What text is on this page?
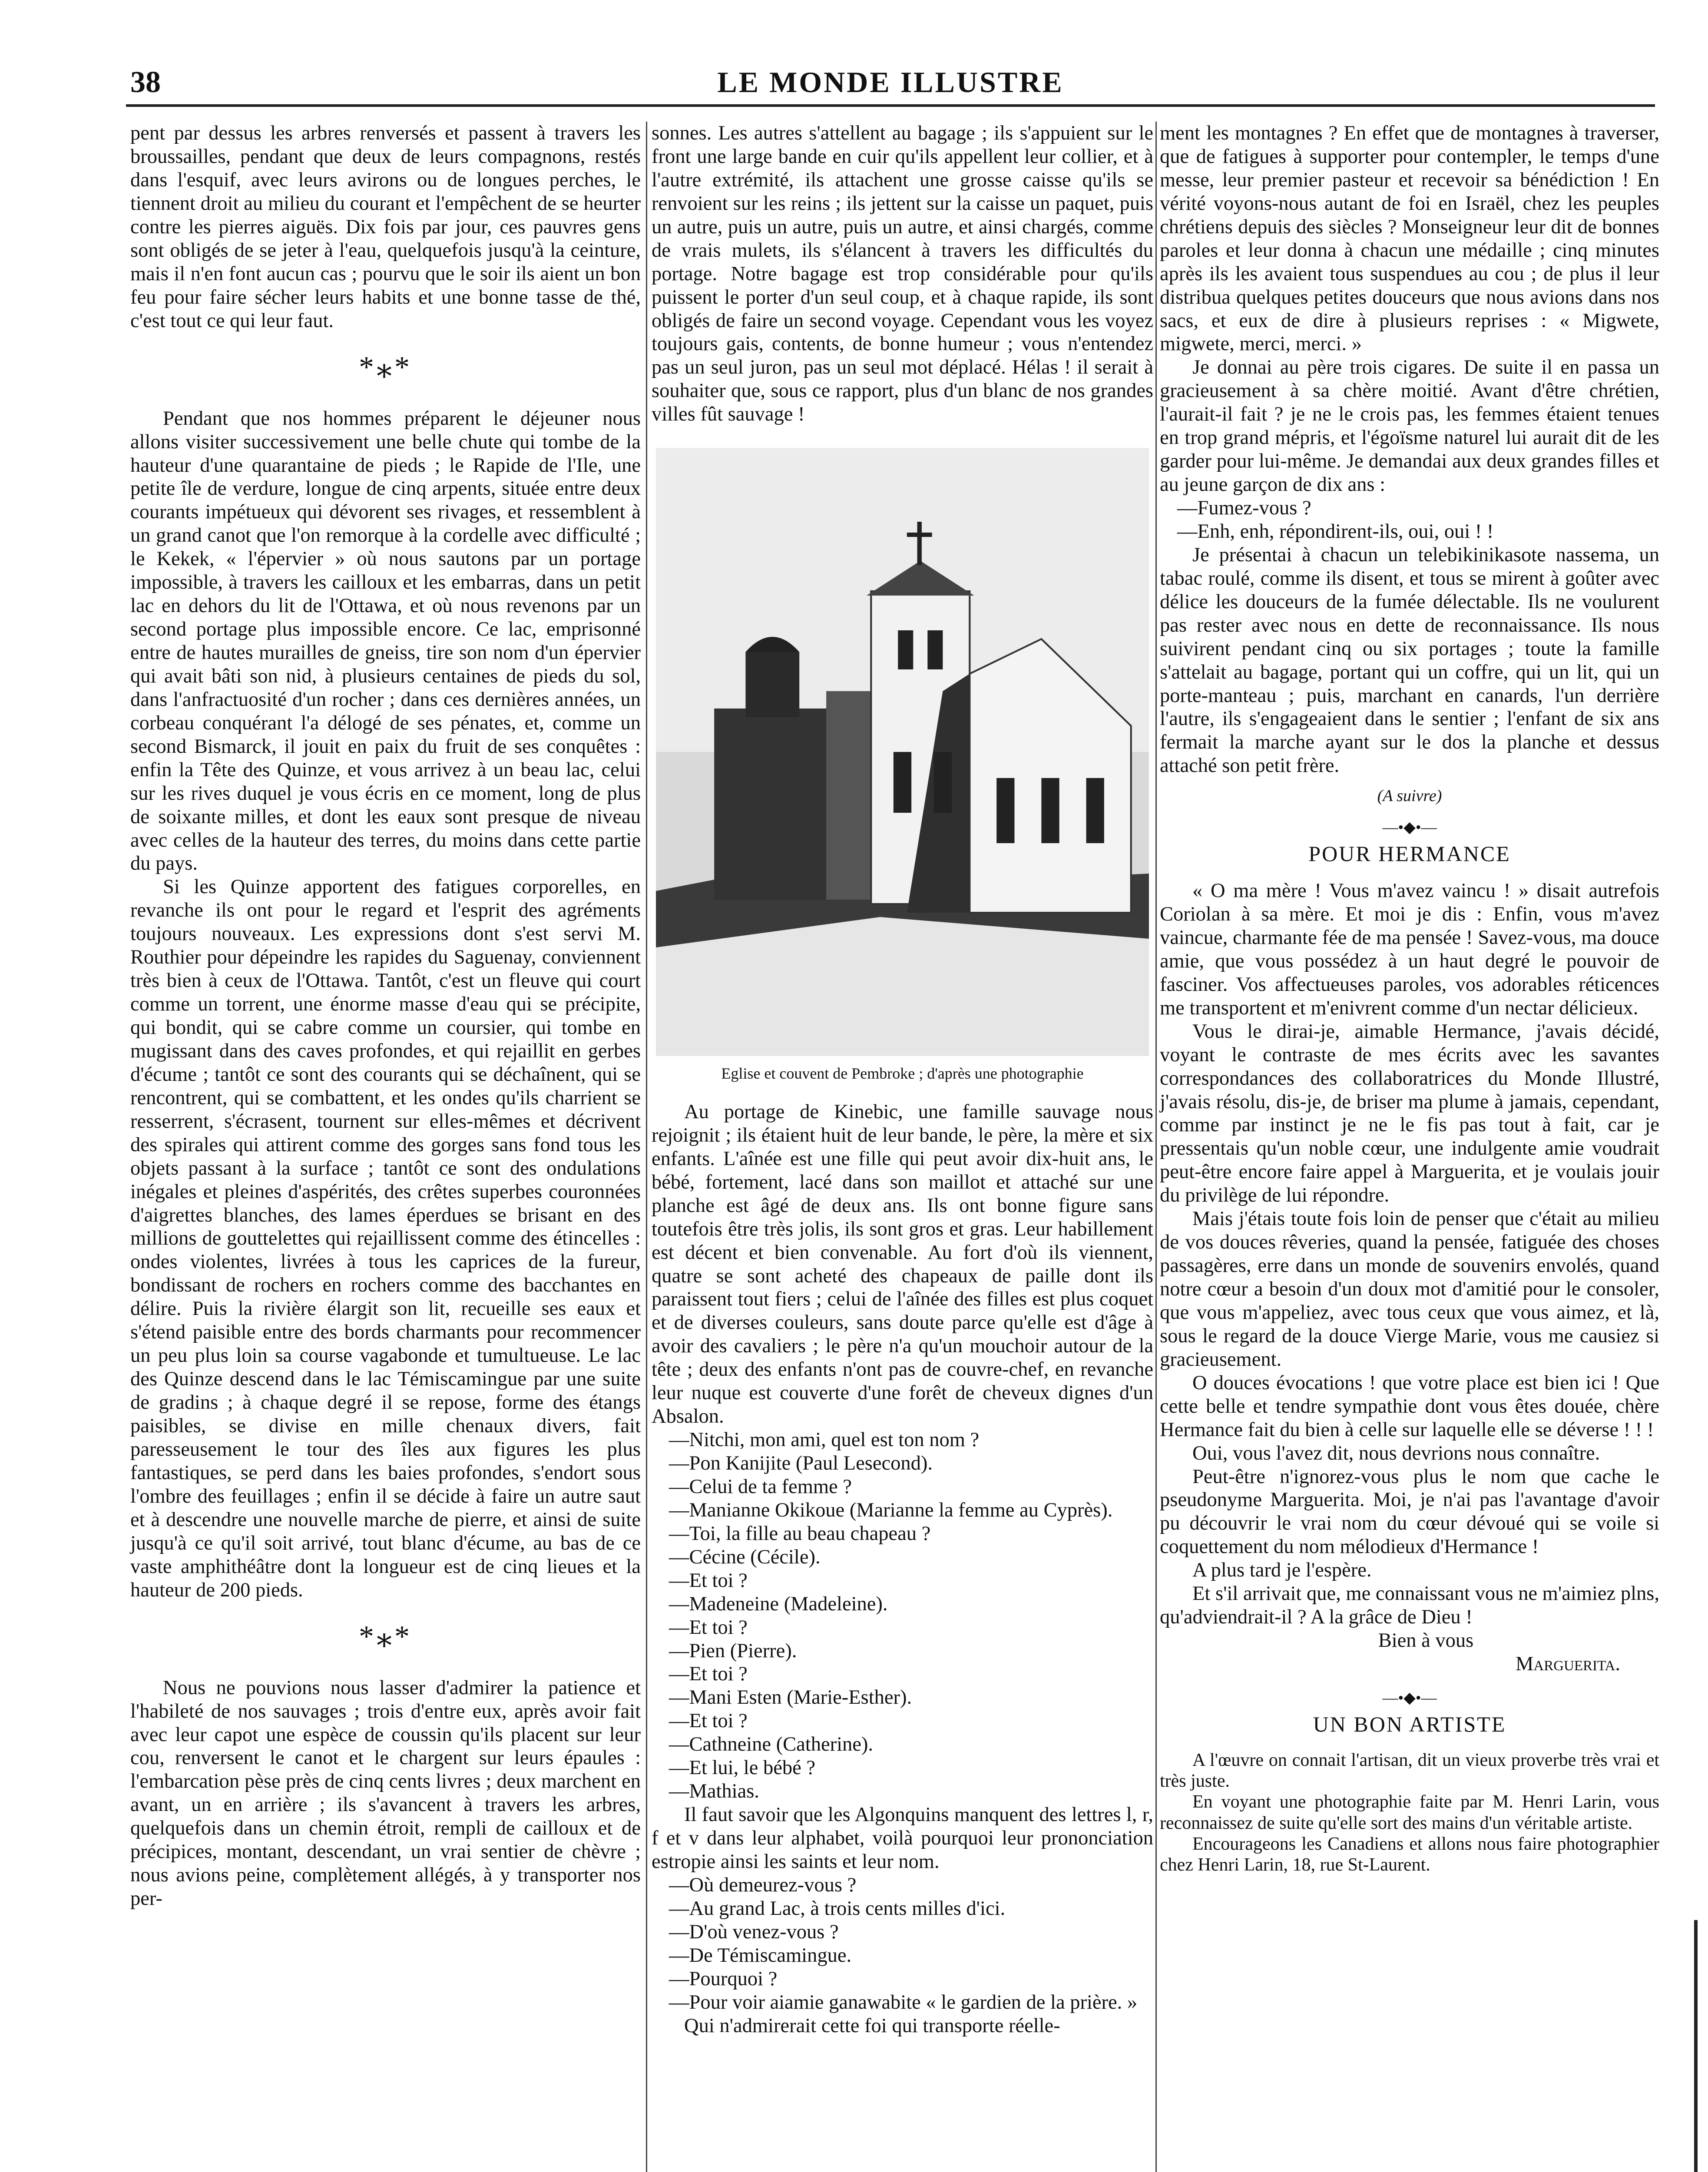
38	LE MONDE ILLUSTRE

pent par dessus les arbres renversés et passent à travers les broussailles, pendant que deux de leurs compagnons, restés dans l'esquif, avec leurs avirons ou de longues perches, le tiennent droit au milieu du courant et l'empêchent de se heurter contre les pierres aiguës. Dix fois par jour, ces pauvres gens sont obligés de se jeter à l'eau, quelquefois jusqu'à la ceinture, mais il n'en font aucun cas ; pourvu que le soir ils aient un bon feu pour faire sécher leurs habits et une bonne tasse de thé, c'est tout ce qui leur faut.

*⁎*

Pendant que nos hommes préparent le déjeuner nous allons visiter successivement une belle chute qui tombe de la hauteur d'une quarantaine de pieds ; le Rapide de l'Ile, une petite île de verdure, longue de cinq arpents, située entre deux courants impétueux qui dévorent ses rivages, et ressemblent à un grand canot que l'on remorque à la cordelle avec difficulté ; le Kekek, « l'épervier » où nous sautons par un portage impossible, à travers les cailloux et les embarras, dans un petit lac en dehors du lit de l'Ottawa, et où nous revenons par un second portage plus impossible encore. Ce lac, emprisonné entre de hautes murailles de gneiss, tire son nom d'un épervier qui avait bâti son nid, à plusieurs centaines de pieds du sol, dans l'anfractuosité d'un rocher ; dans ces dernières années, un corbeau conquérant l'a délogé de ses pénates, et, comme un second Bismarck, il jouit en paix du fruit de ses conquêtes : enfin la Tête des Quinze, et vous arrivez à un beau lac, celui sur les rives duquel je vous écris en ce moment, long de plus de soixante milles, et dont les eaux sont presque de niveau avec celles de la hauteur des terres, du moins dans cette partie du pays.

Si les Quinze apportent des fatigues corporelles, en revanche ils ont pour le regard et l'esprit des agréments toujours nouveaux. Les expressions dont s'est servi M. Routhier pour dépeindre les rapides du Saguenay, conviennent très bien à ceux de l'Ottawa. Tantôt, c'est un fleuve qui court comme un torrent, une énorme masse d'eau qui se précipite, qui bondit, qui se cabre comme un coursier, qui tombe en mugissant dans des caves profondes, et qui rejaillit en gerbes d'écume ; tantôt ce sont des courants qui se déchaînent, qui se rencontrent, qui se combattent, et les ondes qu'ils charrient se resserrent, s'écrasent, tournent sur elles-mêmes et décrivent des spirales qui attirent comme des gorges sans fond tous les objets passant à la surface ; tantôt ce sont des ondulations inégales et pleines d'aspérités, des crêtes superbes couronnées d'aigrettes blanches, des lames éperdues se brisant en des millions de gouttelettes qui rejaillissent comme des étincelles : ondes violentes, livrées à tous les caprices de la fureur, bondissant de rochers en rochers comme des bacchantes en délire. Puis la rivière élargit son lit, recueille ses eaux et s'étend paisible entre des bords charmants pour recommencer un peu plus loin sa course vagabonde et tumultueuse. Le lac des Quinze descend dans le lac Témiscamingue par une suite de gradins ; à chaque degré il se repose, forme des étangs paisibles, se divise en mille chenaux divers, fait paresseusement le tour des îles aux figures les plus fantastiques, se perd dans les baies profondes, s'endort sous l'ombre des feuillages ; enfin il se décide à faire un autre saut et à descendre une nouvelle marche de pierre, et ainsi de suite jusqu'à ce qu'il soit arrivé, tout blanc d'écume, au bas de ce vaste amphithéâtre dont la longueur est de cinq lieues et la hauteur de 200 pieds.

*⁎*

Nous ne pouvions nous lasser d'admirer la patience et l'habileté de nos sauvages ; trois d'entre eux, après avoir fait avec leur capot une espèce de coussin qu'ils placent sur leur cou, renversent le canot et le chargent sur leurs épaules : l'embarcation pèse près de cinq cents livres ; deux marchent en avant, un en arrière ; ils s'avancent à travers les arbres, quelquefois dans un chemin étroit, rempli de cailloux et de précipices, montant, descendant, un vrai sentier de chèvre ; nous avions peine, complètement allégés, à y transporter nos per-

sonnes. Les autres s'attellent au bagage ; ils s'appuient sur le front une large bande en cuir qu'ils appellent leur collier, et à l'autre extrémité, ils attachent une grosse caisse qu'ils se renvoient sur les reins ; ils jettent sur la caisse un paquet, puis un autre, puis un autre, puis un autre, et ainsi chargés, comme de vrais mulets, ils s'élancent à travers les difficultés du portage. Notre bagage est trop considérable pour qu'ils puissent le porter d'un seul coup, et à chaque rapide, ils sont obligés de faire un second voyage. Cependant vous les voyez toujours gais, contents, de bonne humeur ; vous n'entendez pas un seul juron, pas un seul mot déplacé. Hélas ! il serait à souhaiter que, sous ce rapport, plus d'un blanc de nos grandes villes fût sauvage !

Eglise et couvent de Pembroke ; d'après une photographie

Au portage de Kinebic, une famille sauvage nous rejoignit ; ils étaient huit de leur bande, le père, la mère et six enfants. L'aînée est une fille qui peut avoir dix-huit ans, le bébé, fortement, lacé dans son maillot et attaché sur une planche est âgé de deux ans. Ils ont bonne figure sans toutefois être très jolis, ils sont gros et gras. Leur habillement est décent et bien convenable. Au fort d'où ils viennent, quatre se sont acheté des chapeaux de paille dont ils paraissent tout fiers ; celui de l'aînée des filles est plus coquet et de diverses couleurs, sans doute parce qu'elle est d'âge à avoir des cavaliers ; le père n'a qu'un mouchoir autour de la tête ; deux des enfants n'ont pas de couvre-chef, en revanche leur nuque est couverte d'une forêt de cheveux dignes d'un Absalon.

—Nitchi, mon ami, quel est ton nom ?

—Pon Kanijite (Paul Lesecond).

—Celui de ta femme ?

—Manianne Okikoue (Marianne la femme au Cyprès).

—Toi, la fille au beau chapeau ?

—Cécine (Cécile).

—Et toi ?

—Madeneine (Madeleine).

—Et toi ?

—Pien (Pierre).

—Et toi ?

—Mani Esten (Marie-Esther).

—Et toi ?

—Cathneine (Catherine).

—Et lui, le bébé ?

—Mathias.

Il faut savoir que les Algonquins manquent des lettres l, r, f et v dans leur alphabet, voilà pourquoi leur prononciation estropie ainsi les saints et leur nom.

—Où demeurez-vous ?

—Au grand Lac, à trois cents milles d'ici.

—D'où venez-vous ?

—De Témiscamingue.

—Pourquoi ?

—Pour voir aiamie ganawabite « le gardien de la prière. »

Qui n'admirerait cette foi qui transporte réelle-

ment les montagnes ? En effet que de montagnes à traverser, que de fatigues à supporter pour contempler, le temps d'une messe, leur premier pasteur et recevoir sa bénédiction ! En vérité voyons-nous autant de foi en Israël, chez les peuples chrétiens depuis des siècles ? Monseigneur leur dit de bonnes paroles et leur donna à chacun une médaille ; cinq minutes après ils les avaient tous suspendues au cou ; de plus il leur distribua quelques petites douceurs que nous avions dans nos sacs, et eux de dire à plusieurs reprises : « Migwete, migwete, merci, merci. »

Je donnai au père trois cigares. De suite il en passa un gracieusement à sa chère moitié. Avant d'être chrétien, l'aurait-il fait ? je ne le crois pas, les femmes étaient tenues en trop grand mépris, et l'égoïsme naturel lui aurait dit de les garder pour lui-même. Je demandai aux deux grandes filles et au jeune garçon de dix ans :

—Fumez-vous ?

—Enh, enh, répondirent-ils, oui, oui ! !

Je présentai à chacun un telebikinikasote nassema, un tabac roulé, comme ils disent, et tous se mirent à goûter avec délice les douceurs de la fumée délectable. Ils ne voulurent pas rester avec nous en dette de reconnaissance. Ils nous suivirent pendant cinq ou six portages ; toute la famille s'attelait au bagage, portant qui un coffre, qui un lit, qui un porte-manteau ; puis, marchant en canards, l'un derrière l'autre, ils s'engageaient dans le sentier ; l'enfant de six ans fermait la marche ayant sur le dos la planche et dessus attaché son petit frère.

(A suivre)
—•◆•—
POUR HERMANCE

« O ma mère ! Vous m'avez vaincu ! » disait autrefois Coriolan à sa mère. Et moi je dis : Enfin, vous m'avez vaincue, charmante fée de ma pensée ! Savez-vous, ma douce amie, que vous possédez à un haut degré le pouvoir de fasciner. Vos affectueuses paroles, vos adorables réticences me transportent et m'enivrent comme d'un nectar délicieux.

Vous le dirai-je, aimable Hermance, j'avais décidé, voyant le contraste de mes écrits avec les savantes correspondances des collaboratrices du Monde Illustré, j'avais résolu, dis-je, de briser ma plume à jamais, cependant, comme par instinct je ne le fis pas tout à fait, car je pressentais qu'un noble cœur, une indulgente amie voudrait peut-être encore faire appel à Marguerita, et je voulais jouir du privilège de lui répondre.

Mais j'étais toute fois loin de penser que c'était au milieu de vos douces rêveries, quand la pensée, fatiguée des choses passagères, erre dans un monde de souvenirs envolés, quand notre cœur a besoin d'un doux mot d'amitié pour le consoler, que vous m'appeliez, avec tous ceux que vous aimez, et là, sous le regard de la douce Vierge Marie, vous me causiez si gracieusement.

O douces évocations ! que votre place est bien ici ! Que cette belle et tendre sympathie dont vous êtes douée, chère Hermance fait du bien à celle sur laquelle elle se déverse ! ! !

Oui, vous l'avez dit, nous devrions nous connaître.

Peut-être n'ignorez-vous plus le nom que cache le pseudonyme Marguerita. Moi, je n'ai pas l'avantage d'avoir pu découvrir le vrai nom du cœur dévoué qui se voile si coquettement du nom mélodieux d'Hermance !

A plus tard je l'espère.

Et s'il arrivait que, me connaissant vous ne m'aimiez plns, qu'adviendrait-il ? A la grâce de Dieu !

Bien à vous

Marguerita.

—•◆•—
UN BON ARTISTE

A l'œuvre on connait l'artisan, dit un vieux proverbe très vrai et très juste.

En voyant une photographie faite par M. Henri Larin, vous reconnaissez de suite qu'elle sort des mains d'un véritable artiste.

Encourageons les Canadiens et allons nous faire photographier chez Henri Larin, 18, rue St-Laurent.
